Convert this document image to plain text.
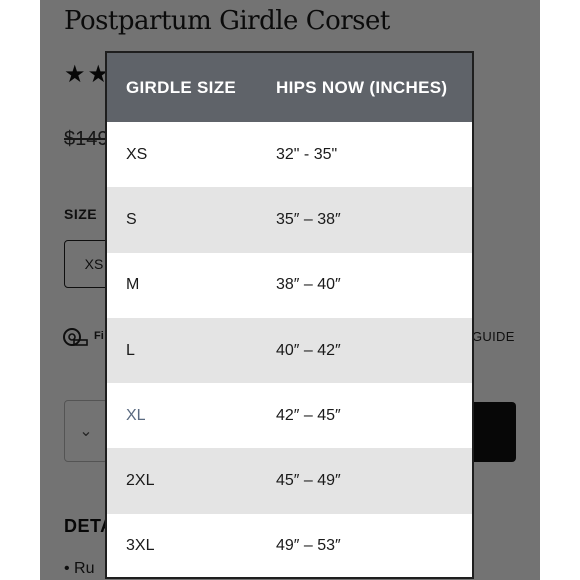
GIRDLE SIZE	HIPS NOW (INCHES)
XS	32" - 35"
S	35″ – 38″
M	38″ – 40″
L	40″ – 42″
XL	42″ – 45″
2XL	45″ – 49″
3XL	49″ – 53″
